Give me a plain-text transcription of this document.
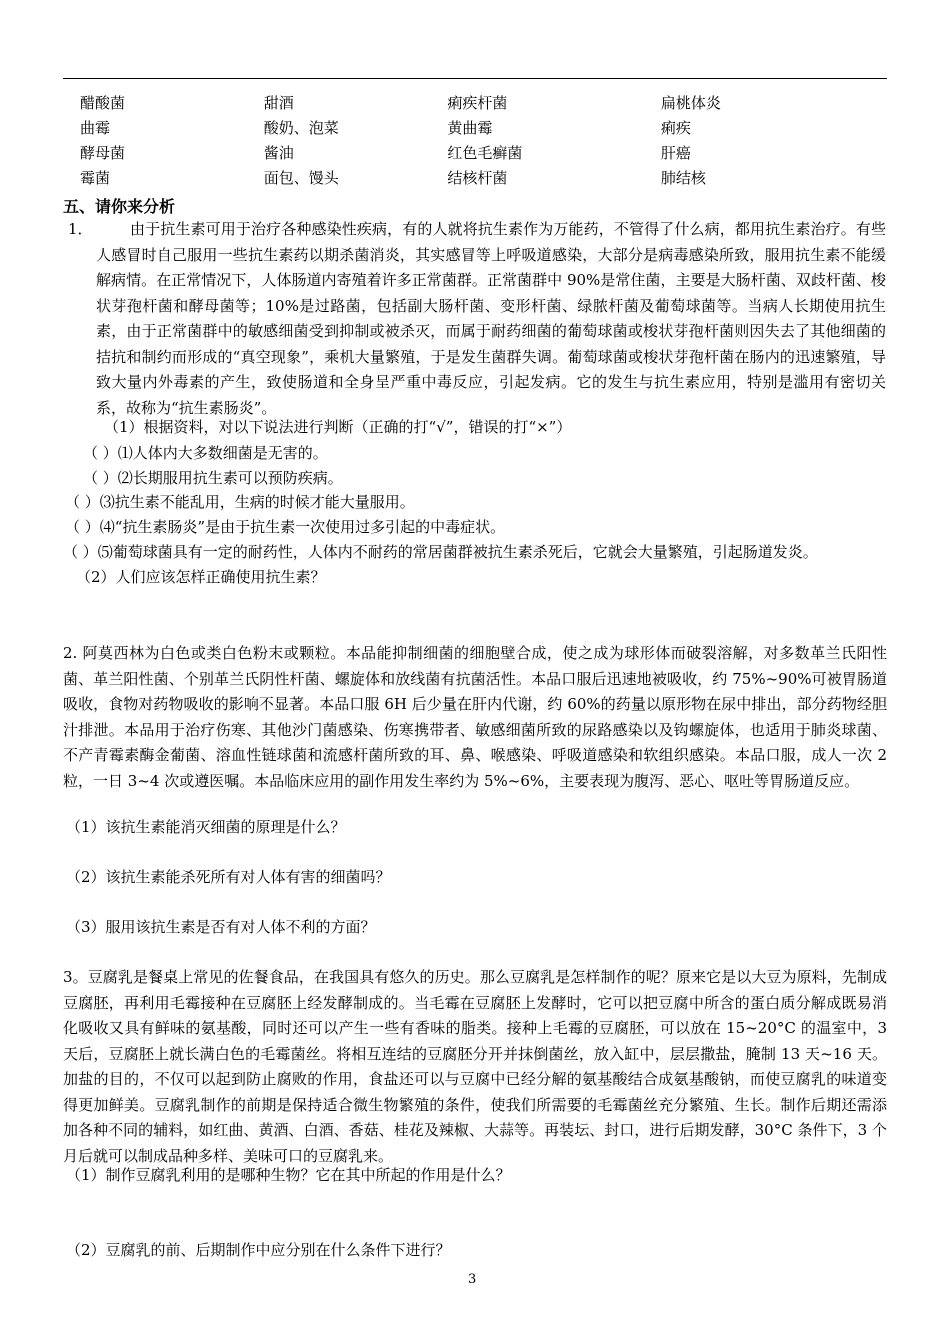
醋酸菌	甜酒	痢疾杆菌	扁桃体炎
曲霉	酸奶、泡菜	黄曲霉	痢疾
酵母菌	酱油	红色毛癣菌	肝癌
霉菌	面包、馒头	结核杆菌	肺结核
五、请你来分析
1．	由于抗生素可用于治疗各种感染性疾病，有的人就将抗生素作为万能药，不管得了什么病，都用抗生素治疗。有些人感冒时自己服用一些抗生素药以期杀菌消炎，其实感冒等上呼吸道感染，大部分是病毒感染所致，服用抗生素不能缓解病情。在正常情况下，人体肠道内寄殖着许多正常菌群。正常菌群中 90%是常住菌，主要是大肠杆菌、双歧杆菌、梭状芽孢杆菌和酵母菌等；10%是过路菌，包括副大肠杆菌、变形杆菌、绿脓杆菌及葡萄球菌等。当病人长期使用抗生素，由于正常菌群中的敏感细菌受到抑制或被杀灭，而属于耐药细菌的葡萄球菌或梭状芽孢杆菌则因失去了其他细菌的拮抗和制约而形成的“真空现象”，乘机大量繁殖，于是发生菌群失调。葡萄球菌或梭状芽孢杆菌在肠内的迅速繁殖，导致大量内外毒素的产生，致使肠道和全身呈严重中毒反应，引起发病。它的发生与抗生素应用，特别是滥用有密切关系，故称为“抗生素肠炎”。
（1）根据资料，对以下说法进行判断（正确的打“√”，错误的打“×”）
（ ）⑴人体内大多数细菌是无害的。
（ ）⑵长期服用抗生素可以预防疾病。
（ ）⑶抗生素不能乱用，生病的时候才能大量服用。
（ ）⑷“抗生素肠炎”是由于抗生素一次使用过多引起的中毒症状。
（ ）⑸葡萄球菌具有一定的耐药性，人体内不耐药的常居菌群被抗生素杀死后，它就会大量繁殖，引起肠道发炎。
（2）人们应该怎样正确使用抗生素？
2. 阿莫西林为白色或类白色粉末或颗粒。本品能抑制细菌的细胞壁合成，使之成为球形体而破裂溶解，对多数革兰氏阳性菌、革兰阳性菌、个别革兰氏阴性杆菌、螺旋体和放线菌有抗菌活性。本品口服后迅速地被吸收，约 75%~90%可被胃肠道吸收，食物对药物吸收的影响不显著。本品口服 6H 后少量在肝内代谢，约 60%的药量以原形物在尿中排出，部分药物经胆汁排泄。本品用于治疗伤寒、其他沙门菌感染、伤寒携带者、敏感细菌所致的尿路感染以及钩螺旋体，也适用于肺炎球菌、不产青霉素酶金葡菌、溶血性链球菌和流感杆菌所致的耳、鼻、喉感染、呼吸道感染和软组织感染。本品口服，成人一次 2 粒，一日 3~4 次或遵医嘱。本品临床应用的副作用发生率约为 5%~6%，主要表现为腹泻、恶心、呕吐等胃肠道反应。
（1）该抗生素能消灭细菌的原理是什么？
（2）该抗生素能杀死所有对人体有害的细菌吗？
（3）服用该抗生素是否有对人体不利的方面？
3。豆腐乳是餐桌上常见的佐餐食品，在我国具有悠久的历史。那么豆腐乳是怎样制作的呢？原来它是以大豆为原料，先制成豆腐胚，再利用毛霉接种在豆腐胚上经发酵制成的。当毛霉在豆腐胚上发酵时，它可以把豆腐中所含的蛋白质分解成既易消化吸收又具有鲜味的氨基酸，同时还可以产生一些有香味的脂类。接种上毛霉的豆腐胚，可以放在 15~20°C 的温室中，3 天后，豆腐胚上就长满白色的毛霉菌丝。将相互连结的豆腐胚分开并抹倒菌丝，放入缸中，层层撒盐，腌制 13 天~16 天。加盐的目的，不仅可以起到防止腐败的作用，食盐还可以与豆腐中已经分解的氨基酸结合成氨基酸钠，而使豆腐乳的味道变得更加鲜美。豆腐乳制作的前期是保持适合微生物繁殖的条件，使我们所需要的毛霉菌丝充分繁殖、生长。制作后期还需添加各种不同的辅料，如红曲、黄酒、白酒、香菇、桂花及辣椒、大蒜等。再装坛、封口，进行后期发酵，30°C 条件下，3 个月后就可以制成品种多样、美味可口的豆腐乳来。
（1）制作豆腐乳利用的是哪种生物？它在其中所起的作用是什么？
（2）豆腐乳的前、后期制作中应分别在什么条件下进行？
3
